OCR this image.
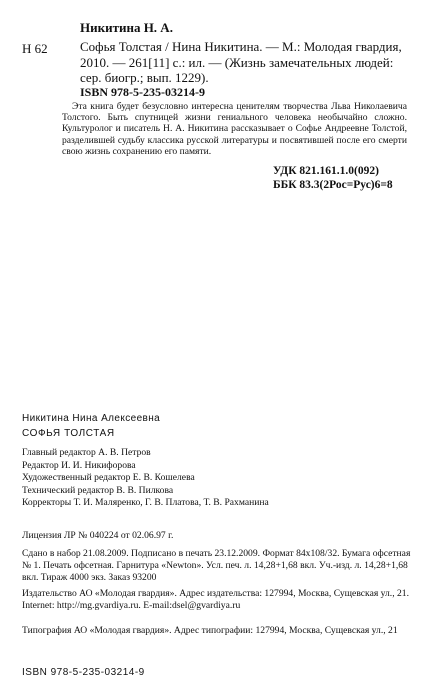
Никитина Н. А.
Н 62 Софья Толстая / Нина Никитина. — М.: Молодая гвардия, 2010. — 261[11] с.: ил. — (Жизнь замечательных людей: сер. биогр.; вып. 1229).

ISBN 978-5-235-03214-9

Эта книга будет безусловно интересна ценителям творчества Льва Николаевича Толстого. Быть спутницей жизни гениального человека необычайно сложно. Культуролог и писатель Н. А. Никитина рассказывает о Софье Андреевне Толстой, разделившей судьбу классика русской литературы и посвятившей после его смерти свою жизнь сохранению его памяти.

УДК 821.161.1.0(092)
ББК 83.3(2Рос=Рус)6=8
Никитина Нина Алексеевна
СОФЬЯ ТОЛСТАЯ
Главный редактор А. В. Петров
Редактор И. И. Никифорова
Художественный редактор Е. В. Кошелева
Технический редактор В. В. Пилкова
Корректоры Т. И. Маляренко, Г. В. Платова, Т. В. Рахманина
Лицензия ЛР № 040224 от 02.06.97 г.

Сдано в набор 21.08.2009. Подписано в печать 23.12.2009. Формат 84х108/32. Бумага офсетная № 1. Печать офсетная. Гарнитура «Newton». Усл. печ. л. 14,28+1,68 вкл. Уч.-изд. л. 14,28+1,68 вкл. Тираж 4000 экз. Заказ 93200

Издательство АО «Молодая гвардия». Адрес издательства: 127994, Москва, Сущевская ул., 21. Internet: http://mg.gvardiya.ru. E-mail:dsel@gvardiya.ru

Типография АО «Молодая гвардия». Адрес типографии: 127994, Москва, Сущевская ул., 21

ISBN 978-5-235-03214-9
